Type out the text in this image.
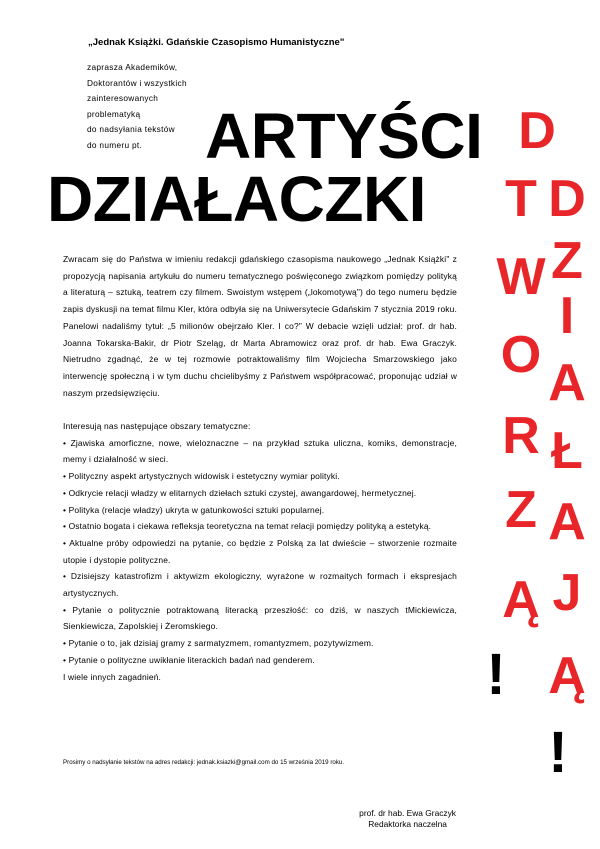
„Jednak Książki. Gdańskie Czasopismo Humanistyczne"
zaprasza Akademików,
Doktorantów i wszystkich
zainteresowanych
problematyką
do nadsyłania tekstów
do numeru pt. ARTYŚCI
DZIAŁACZKI
D
T
W
O
R
Z
Ą
!
D
Z
I
A
Ł
A
J
Ą
!

Zwracam się do Państwa w imieniu redakcji gdańskiego czasopisma naukowego „Jednak Książki" z propozycją napisania artykułu do numeru tematycznego poświęconego związkom pomiędzy polityką a literaturą – sztuką, teatrem czy filmem. Swoistym wstępem („lokomotywą") do tego numeru będzie zapis dyskusji na temat filmu Kler, która odbyła się na Uniwersytecie Gdańskim 7 stycznia 2019 roku. Panelowi nadaliśmy tytuł: „5 milionów obejrzało Kler. I co?" W debacie wzięli udział: prof. dr hab. Joanna Tokarska-Bakir, dr Piotr Szeląg, dr Marta Abramowicz oraz prof. dr hab. Ewa Graczyk. Nietrudno zgadnąć, że w tej rozmowie potraktowaliśmy film Wojciecha Smarzowskiego jako interwencję społeczną i w tym duchu chcielibyśmy z Państwem współpracować, proponując udział w naszym przedsięwzięciu.

Interesują nas następujące obszary tematyczne:

• Zjawiska amorficzne, nowe, wieloznaczne – na przykład sztuka uliczna, komiks, demonstracje, memy i działalność w sieci.
• Polityczny aspekt artystycznych widowisk i estetyczny wymiar polityki.
• Odkrycie relacji władzy w elitarnych dziełach sztuki czystej, awangardowej, hermetycznej.
• Polityka (relacje władzy) ukryta w gatunkowości sztuki popularnej.
• Ostatnio bogata i ciekawa refleksja teoretyczna na temat relacji pomiędzy polityką a estetyką.
• Aktualne próby odpowiedzi na pytanie, co będzie z Polską za lat dwieście – stworzenie rozmaite utopie i dystopie polityczne.
• Dzisiejszy katastrofizm i aktywizm ekologiczny, wyrażone w rozmaitych formach i ekspresjach artystycznych.
• Pytanie o politycznie potraktowaną literacką przeszłość: co dziś, w naszych tMickiewicza, Sienkiewicza, Zapolskiej i Żeromskiego.
• Pytanie o to, jak dzisiaj gramy z sarmatyzmem, romantyzmem, pozytywizmem.
• Pytanie o polityczne uwikłanie literackich badań nad genderem.

I wiele innych zagadnień.

Prosimy o nadsyłanie tekstów na adres redakcji: jednak.ksiazki@gmail.com do 15 września 2019 roku.
prof. dr hab. Ewa Graczyk
Redaktorka naczelna
